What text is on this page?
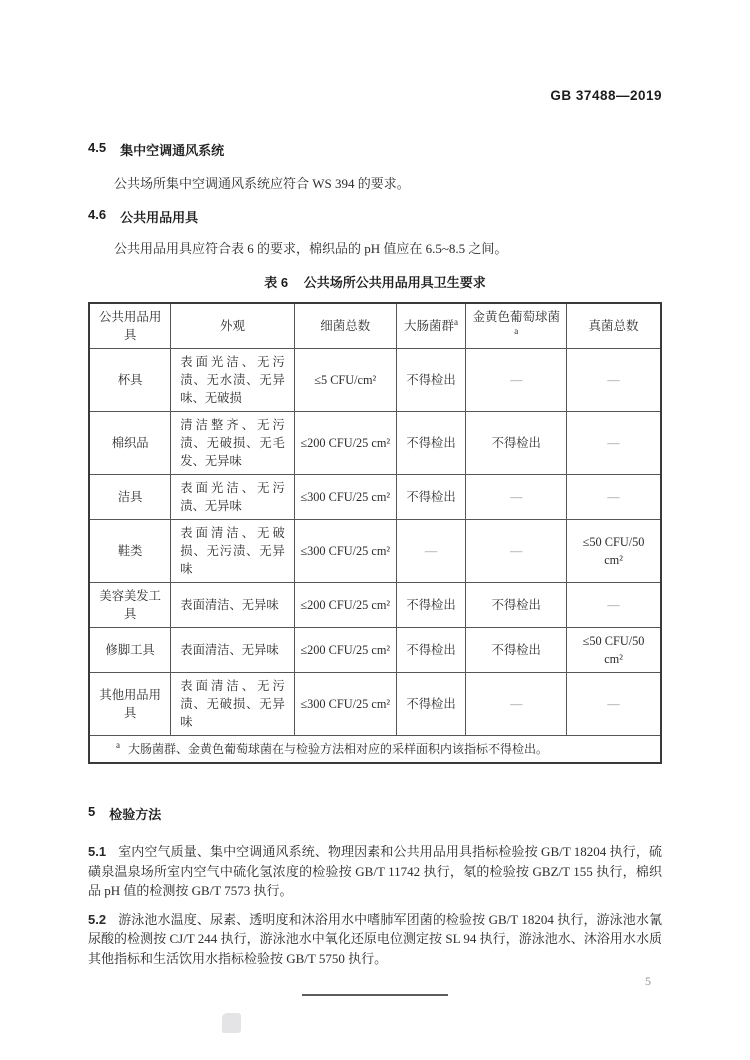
GB 37488—2019
4.5 集中空调通风系统

公共场所集中空调通风系统应符合 WS 394 的要求。

4.6 公共用品用具

公共用品用具应符合表 6 的要求，棉织品的 pH 值应在 6.5~8.5 之间。

表 6 公共场所公共用品用具卫生要求
公共用品用具	外观	细菌总数	大肠菌群$^a$	金黄色葡萄球菌$^a$	真菌总数
杯具	表面光洁、无污渍、无水渍、无异味、无破损	≤5 CFU/cm²	不得检出	—	—
棉织品	清洁整齐、无污渍、无破损、无毛发、无异味	≤200 CFU/25 cm²	不得检出	不得检出	—
洁具	表面光洁、无污渍、无异味	≤300 CFU/25 cm²	不得检出	—	—
鞋类	表面清洁、无破损、无污渍、无异味	≤300 CFU/25 cm²	—	—	≤50 CFU/50 cm²
美容美发工具	表面清洁、无异味	≤200 CFU/25 cm²	不得检出	不得检出	—
修脚工具	表面清洁、无异味	≤200 CFU/25 cm²	不得检出	不得检出	≤50 CFU/50 cm²
其他用品用具	表面清洁、无污渍、无破损、无异味	≤300 CFU/25 cm²	不得检出	—	—
$^a$ 大肠菌群、金黄色葡萄球菌在与检验方法相对应的采样面积内该指标不得检出。					
5 检验方法

5.1 室内空气质量、集中空调通风系统、物理因素和公共用品用具指标检验按 GB/T 18204 执行，硫磺泉温泉场所室内空气中硫化氢浓度的检验按 GB/T 11742 执行，氡的检验按 GBZ/T 155 执行，棉织品 pH 值的检测按 GB/T 7573 执行。

5.2 游泳池水温度、尿素、透明度和沐浴用水中嗜肺军团菌的检验按 GB/T 18204 执行，游泳池水氰尿酸的检测按 CJ/T 244 执行，游泳池水中氧化还原电位测定按 SL 94 执行，游泳池水、沐浴用水水质其他指标和生活饮用水指标检验按 GB/T 5750 执行。

5
